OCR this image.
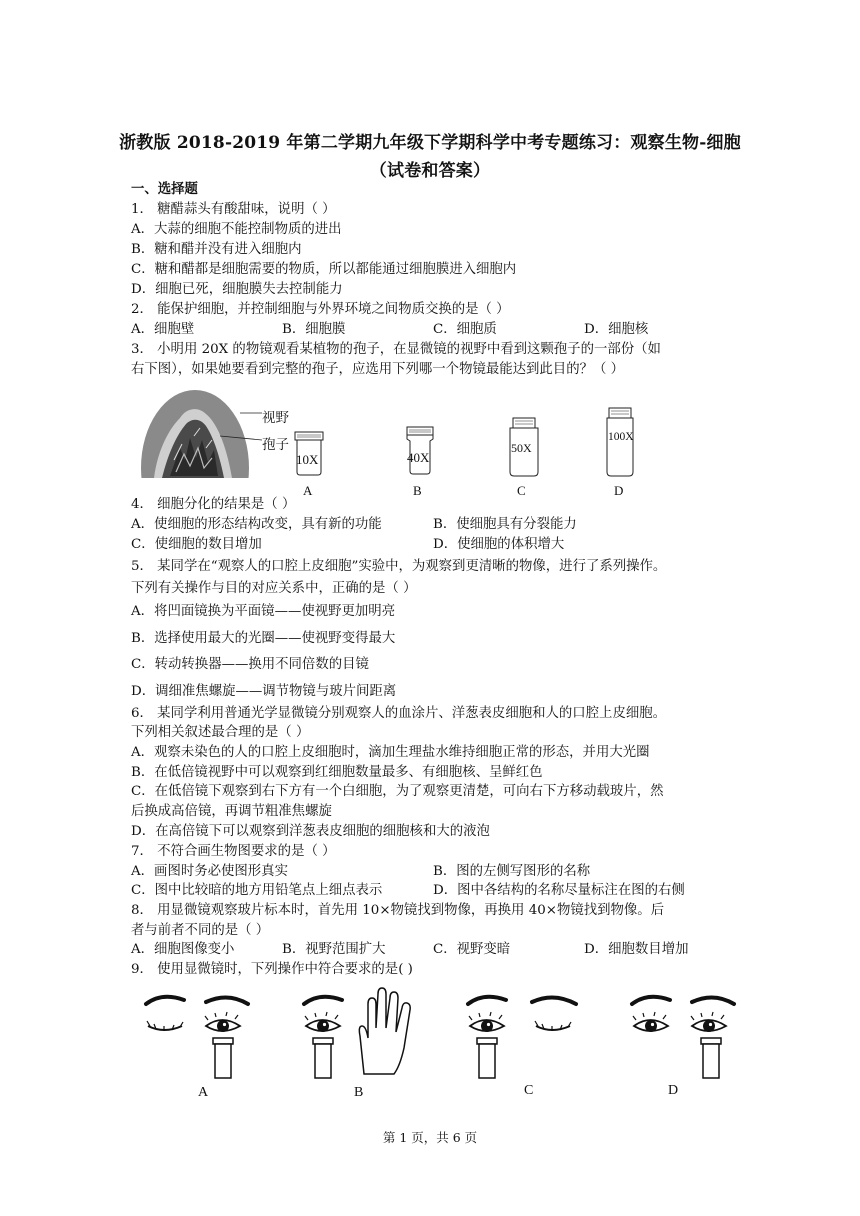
浙教版 2018-2019 年第二学期九年级下学期科学中考专题练习：观察生物-细胞
（试卷和答案）
一、选择题
1． 糖醋蒜头有酸甜味，说明（ ）
A．大蒜的细胞不能控制物质的进出
B．糖和醋并没有进入细胞内
C．糖和醋都是细胞需要的物质，所以都能通过细胞膜进入细胞内
D．细胞已死，细胞膜失去控制能力
2． 能保护细胞，并控制细胞与外界环境之间物质交换的是（ ）
A．细胞壁	B．细胞膜	C．细胞质	D．细胞核
3． 小明用 20X 的物镜观看某植物的孢子，在显微镜的视野中看到这颗孢子的一部份（如
右下图），如果她要看到完整的孢子，应选用下列哪一个物镜最能达到此目的？（ ）
视野
孢子
10X
A
40X
B
50X
C
100X
D
4． 细胞分化的结果是（ ）
A．使细胞的形态结构改变，具有新的功能	B．使细胞具有分裂能力
C．使细胞的数目增加	D．使细胞的体积增大
5． 某同学在“观察人的口腔上皮细胞”实验中，为观察到更清晰的物像，进行了系列操作。
下列有关操作与目的对应关系中，正确的是（ ）
A．将凹面镜换为平面镜——使视野更加明亮
B．选择使用最大的光圈——使视野变得最大
C．转动转换器——换用不同倍数的目镜
D．调细准焦螺旋——调节物镜与玻片间距离
6． 某同学利用普通光学显微镜分别观察人的血涂片、洋葱表皮细胞和人的口腔上皮细胞。
下列相关叙述最合理的是（ ）
A．观察未染色的人的口腔上皮细胞时，滴加生理盐水维持细胞正常的形态，并用大光圈
B．在低倍镜视野中可以观察到红细胞数量最多、有细胞核、呈鲜红色
C．在低倍镜下观察到右下方有一个白细胞，为了观察更清楚，可向右下方移动载玻片，然
后换成高倍镜，再调节粗准焦螺旋
D．在高倍镜下可以观察到洋葱表皮细胞的细胞核和大的液泡
7． 不符合画生物图要求的是（ ）
A．画图时务必使图形真实	B．图的左侧写图形的名称
C．图中比较暗的地方用铅笔点上细点表示	D．图中各结构的名称尽量标注在图的右侧
8． 用显微镜观察玻片标本时，首先用 10×物镜找到物像，再换用 40×物镜找到物像。后
者与前者不同的是（ ）
A．细胞图像变小	B．视野范围扩大	C．视野变暗	D．细胞数目增加
9． 使用显微镜时，下列操作中符合要求的是( )
A	B	C	D
第 1 页，共 6 页
